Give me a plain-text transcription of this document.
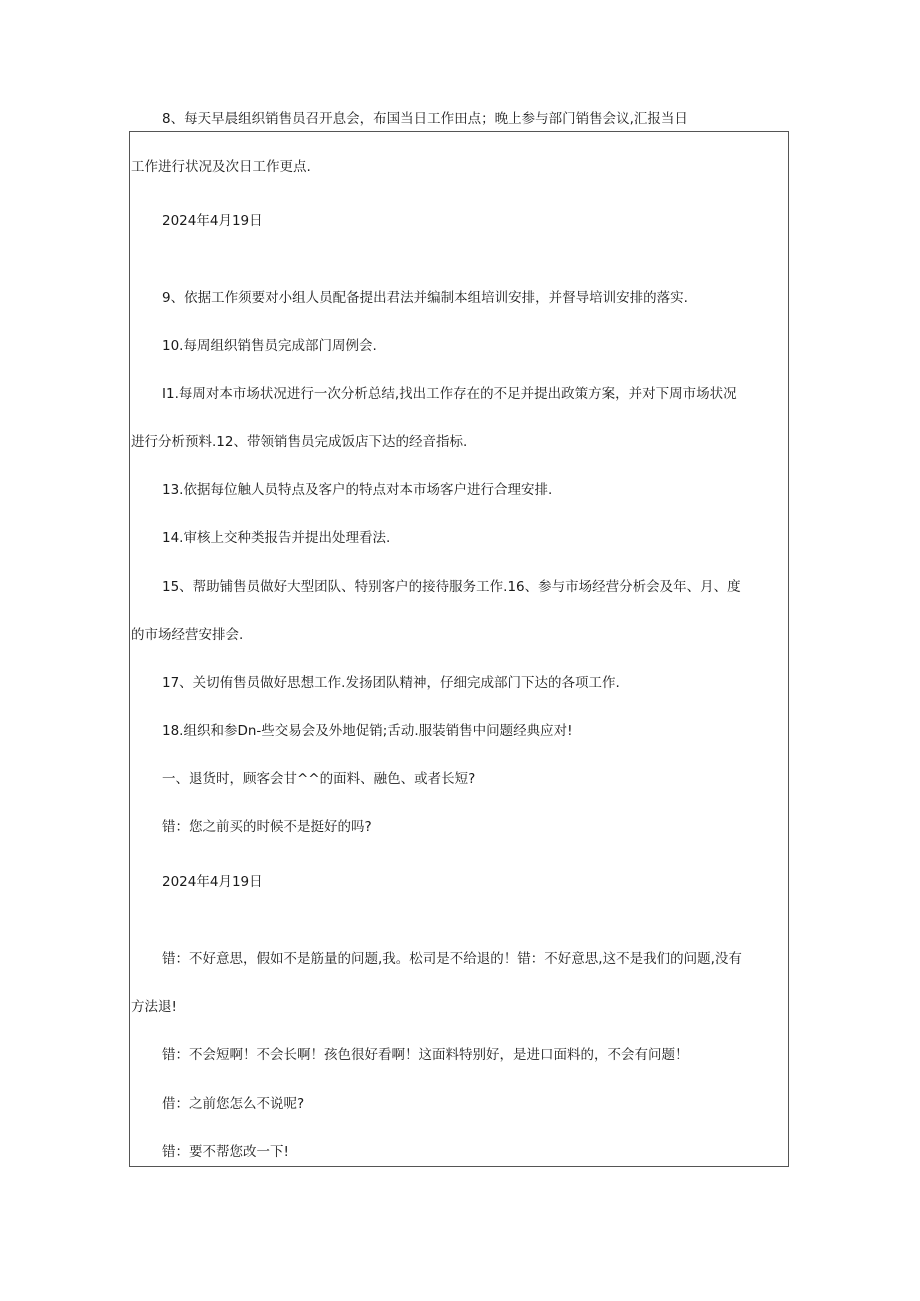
8、每天早晨组织销售员召开息会，布国当日工作田点；晚上参与部门销售会议,汇报当日
工作进行状况及次日工作更点.
2024年4月19日
9、依据工作须要对小组人员配备提出君法并编制本组培训安排，并督导培训安排的落实.
10.每周组织销售员完成部门周例会.
I1.每周对本市场状况进行一次分析总结,找出工作存在的不足并提出政策方案，并对下周市场状况
进行分析预料.12、带领销售员完成饭店下达的经音指标.
13.依据每位触人员特点及客户的特点对本市场客户进行合理安排.
14.审核上交种类报告并提出处理看法.
15、帮助铺售员做好大型团队、特别客户的接待服务工作.16、参与市场经营分析会及年、月、度
的市场经营安排会.
17、关切侑售员做好思想工作.发扬团队精神，仔细完成部门下达的各项工作.
18.组织和参Dn-些交易会及外地促销;舌动.服装销售中问题经典应对!
一、退货时，顾客会甘^^的面料、融色、或者长短?
错：您之前买的时候不是挺好的吗?
2024年4月19日
错：不好意思，假如不是筋量的问题,我。松司是不给退的！错：不好意思,这不是我们的问题,没有
方法退!
错：不会短啊！不会长啊！孩色很好看啊！这面料特别好，是进口面料的，不会有问题！
借：之前您怎么不说呢?
错：要不帮您改一下!
